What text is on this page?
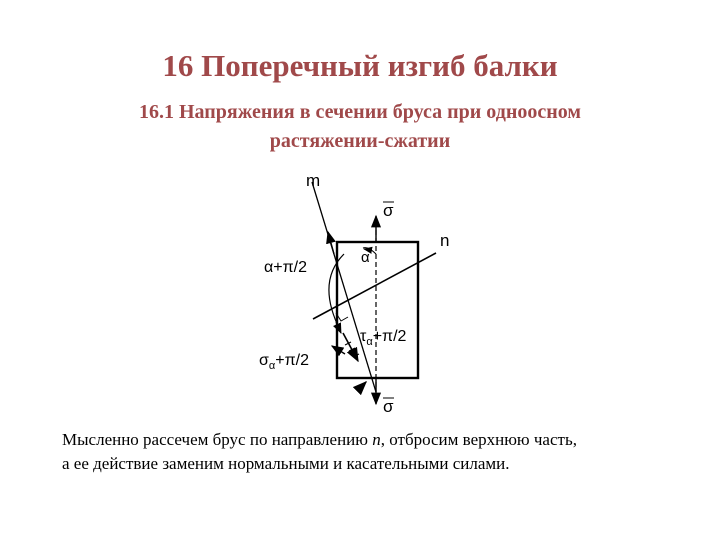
16 Поперечный изгиб балки
16.1 Напряжения в сечении бруса при одноосном
растяжении-сжатии
m
n
σ
σ
α
α+π/2
$\tau_\alpha+\pi/2$
$\sigma_\alpha+\pi/2$
Мысленно рассечем брус по направлению n, отбросим верхнюю часть,
а ее действие заменим нормальными и касательными силами.
